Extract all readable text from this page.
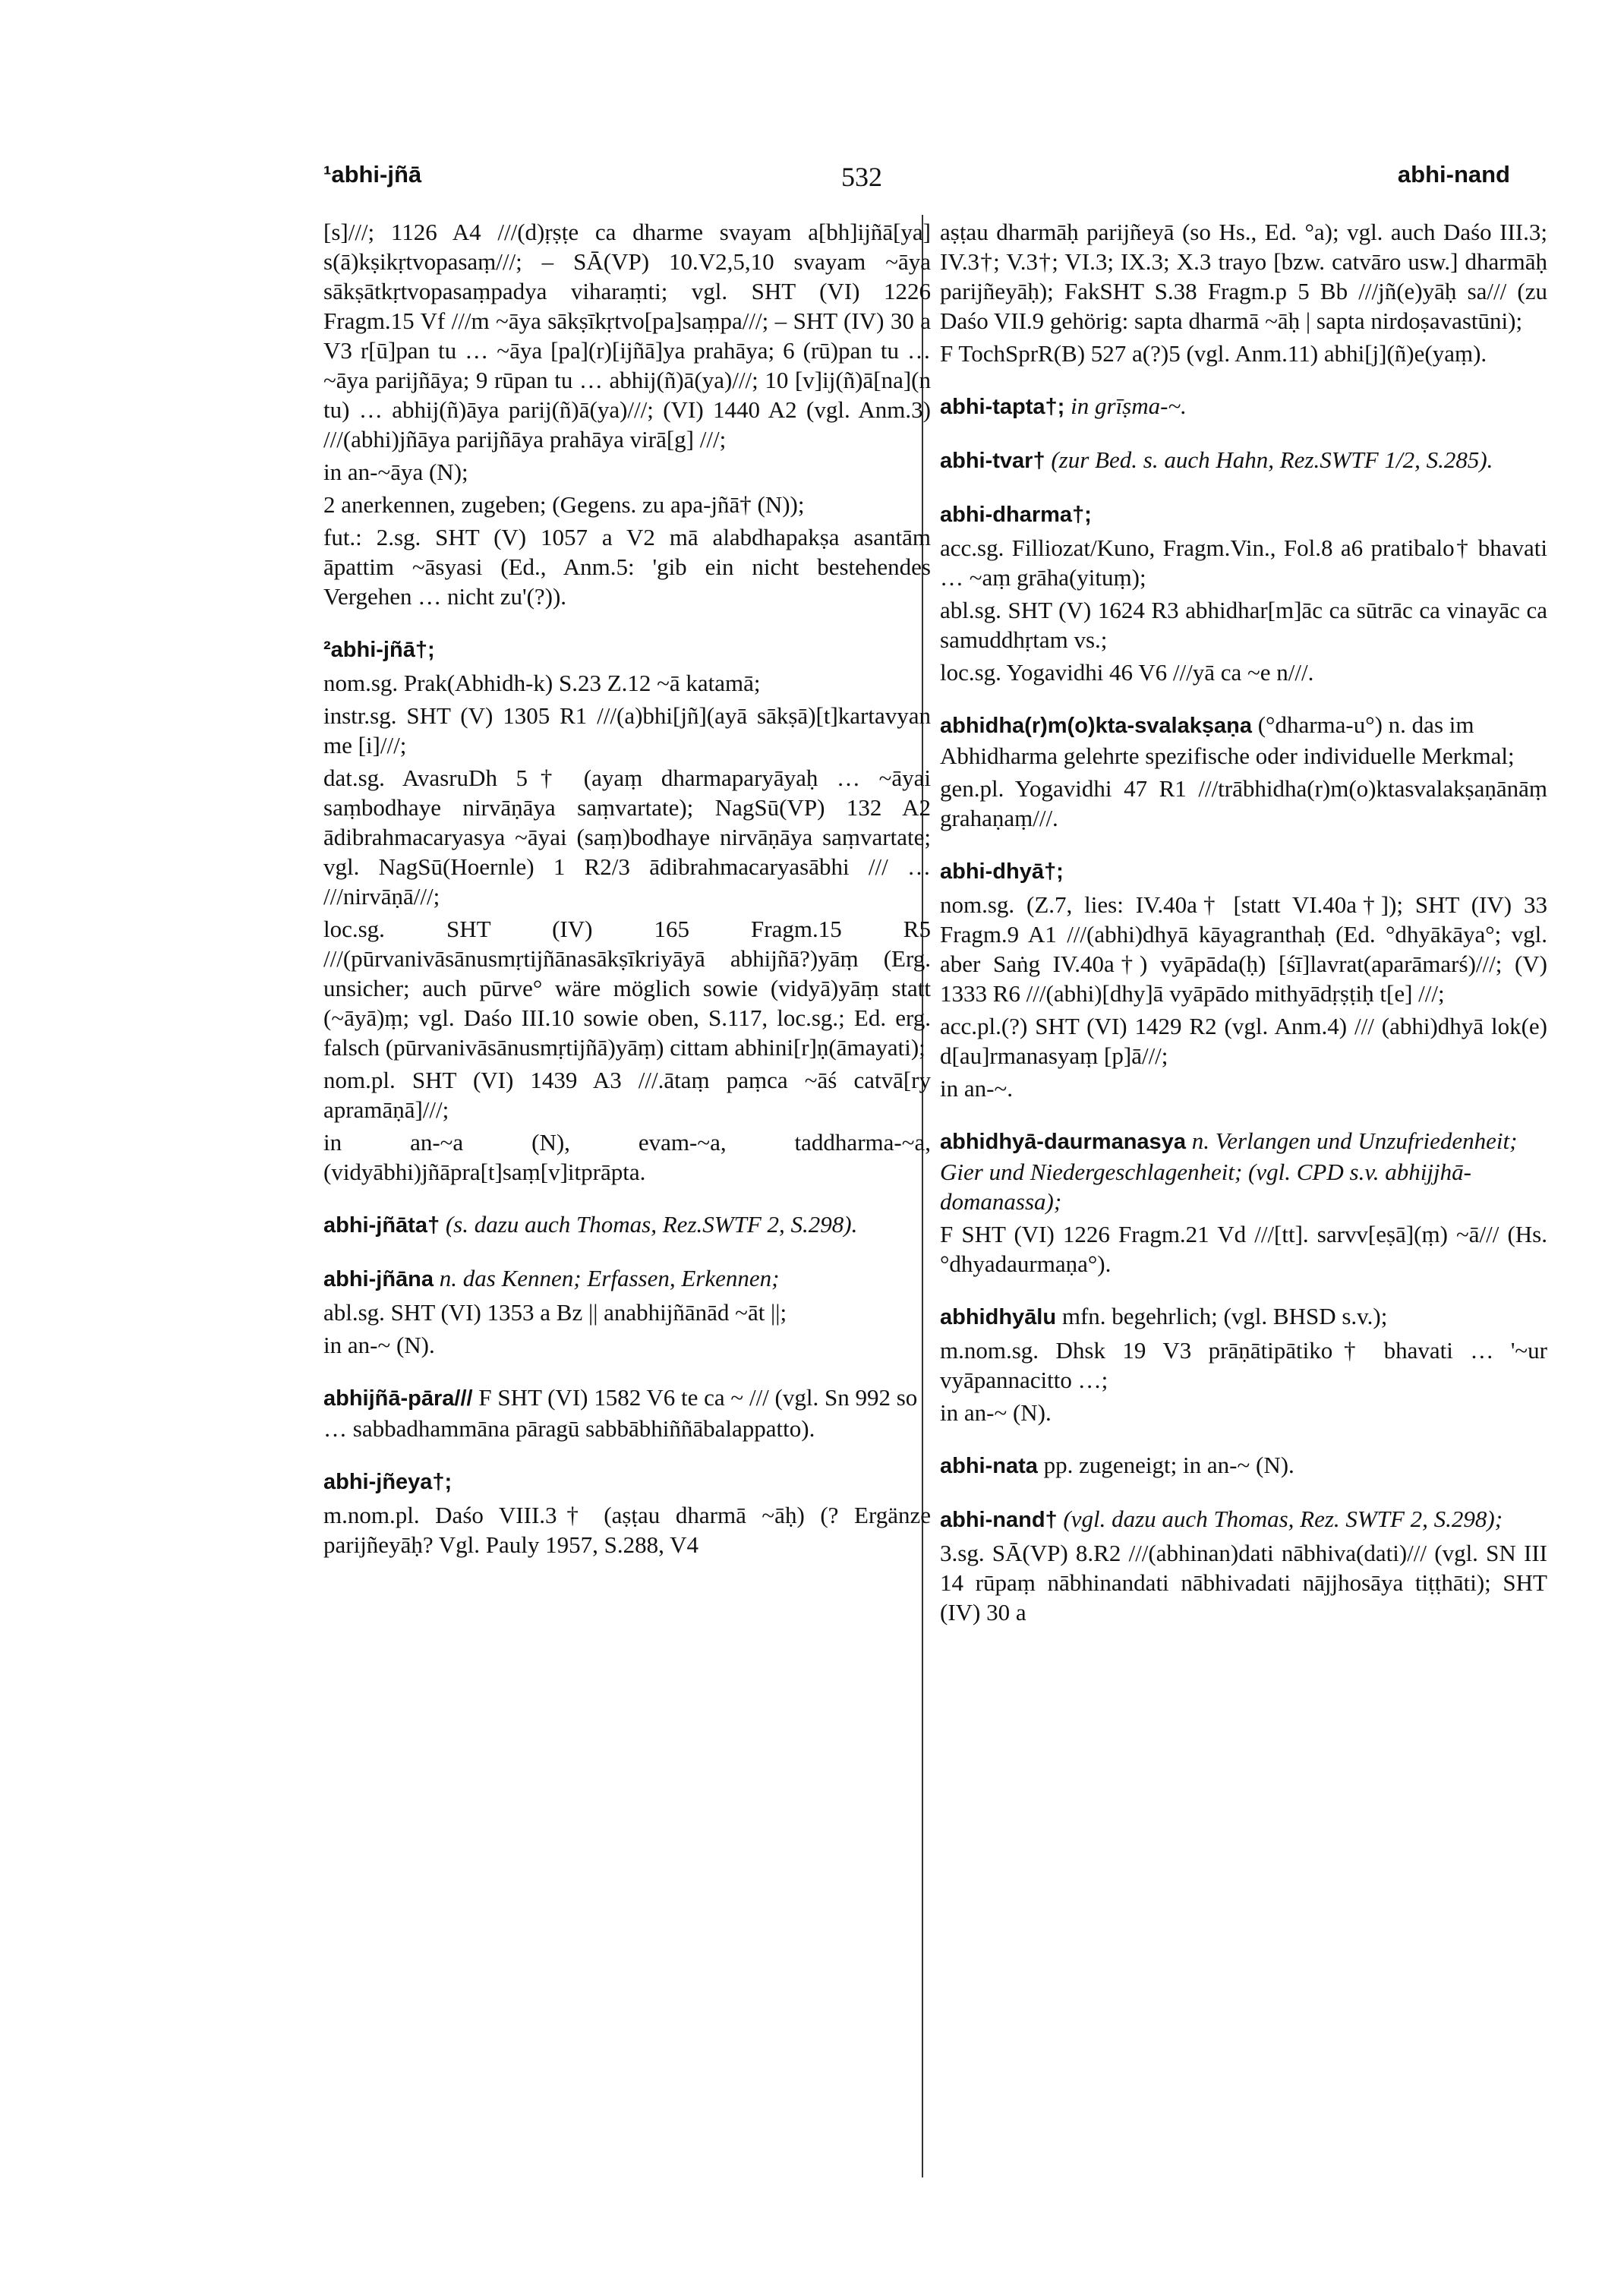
¹abhi-jñā	532	abhi-nand
[s]///; 1126 A4 ///(d)ṛṣṭe ca dharme svayam a[bh]ijñā[ya] s(ā)kṣikṛtvopasaṃ///; – SĀ(VP) 10.V2,5,10 svayam ~āya sākṣātkṛtvopasaṃpadya viharaṃti; vgl. SHT (VI) 1226 Fragm.15 Vf ///m ~āya sākṣīkṛtvo[pa]saṃpa///; – SHT (IV) 30 a V3 r[ū]pan tu … ~āya [pa](r)[ijñā]ya prahāya; 6 (rū)pan tu … ~āya parijñāya; 9 rūpan tu … abhij(ñ)ā(ya)///; 10 [v]ij(ñ)ā[na](n tu) … abhij(ñ)āya parij(ñ)ā(ya)///; (VI) 1440 A2 (vgl. Anm.3) ///(abhi)jñāya parijñāya prahāya virā[g] ///;
in an-~āya (N);
2 anerkennen, zugeben; (Gegens. zu apa-jñā† (N));
fut.: 2.sg. SHT (V) 1057 a V2 mā alabdhapakṣa asantām āpattim ~āsyasi (Ed., Anm.5: 'gib ein nicht bestehendes Vergehen … nicht zu'(?)).
²abhi-jñā†;
nom.sg. Prak(Abhidh-k) S.23 Z.12 ~ā katamā;
instr.sg. SHT (V) 1305 R1 ///(a)bhi[jñ](ayā sākṣā)[t]kartavyan me [i]///;
dat.sg. AvasruDh 5† (ayaṃ dharmaparyāyaḥ … ~āyai saṃbodhaye nirvāṇāya saṃvartate); NagSū(VP) 132 A2 ādibrahmacaryasya ~āyai (saṃ)bodhaye nirvāṇāya saṃvartate; vgl. NagSū(Hoernle) 1 R2/3 ādibrahmacaryasābhi /// … ///nirvāṇā///;
loc.sg. SHT (IV) 165 Fragm.15 R5 ///(pūrvanivāsānusmṛtijñānasākṣīkriyāyā abhijñā?)yāṃ (Erg. unsicher; auch pūrve° wäre möglich sowie (vidyā)yāṃ statt (~āyā)ṃ; vgl. Daśo III.10 sowie oben, S.117, loc.sg.; Ed. erg. falsch (pūrvanivāsānusmṛtijñā)yāṃ) cittam abhini[r]ṇ(āmayati);
nom.pl. SHT (VI) 1439 A3 ///.ātaṃ paṃca ~āś catvā[ry apramāṇā]///;
in an-~a (N), evam-~a, taddharma-~a, (vidyābhi)jñāpra[t]saṃ[v]itprāpta.
abhi-jñāta† (s. dazu auch Thomas, Rez.SWTF 2, S.298).
abhi-jñāna n. das Kennen; Erfassen, Erkennen;
abl.sg. SHT (VI) 1353 a Bz || anabhijñānād ~āt ||;
in an-~ (N).
abhijñā-pāra/// F SHT (VI) 1582 V6 te ca ~ /// (vgl. Sn 992 so … sabbadhammāna pāragū sabbābhiññābalappatto).
abhi-jñeya†;
m.nom.pl. Daśo VIII.3† (aṣṭau dharmā ~āḥ) (? Ergänze parijñeyāḥ? Vgl. Pauly 1957, S.288, V4
aṣṭau dharmāḥ parijñeyā (so Hs., Ed. °a); vgl. auch Daśo III.3; IV.3†; V.3†; VI.3; IX.3; X.3 trayo [bzw. catvāro usw.] dharmāḥ parijñeyāḥ); FakSHT S.38 Fragm.p 5 Bb ///jñ(e)yāḥ sa/// (zu Daśo VII.9 gehörig: sapta dharmā ~āḥ | sapta nirdoṣavastūni);
F TochSprR(B) 527 a(?)5 (vgl. Anm.11) abhi[j](ñ)e(yaṃ).
abhi-tapta†; in grīṣma-~.
abhi-tvar† (zur Bed. s. auch Hahn, Rez.SWTF 1/2, S.285).
abhi-dharma†;
acc.sg. Filliozat/Kuno, Fragm.Vin., Fol.8 a6 pratibalo† bhavati … ~aṃ grāha(yituṃ);
abl.sg. SHT (V) 1624 R3 abhidhar[m]āc ca sūtrāc ca vinayāc ca samuddhṛtam vs.;
loc.sg. Yogavidhi 46 V6 ///yā ca ~e n///.
abhidha(r)m(o)kta-svalakṣaṇa (°dharma-u°) n. das im Abhidharma gelehrte spezifische oder individuelle Merkmal;
gen.pl. Yogavidhi 47 R1 ///trābhidha(r)m(o)ktasvalakṣaṇānāṃ grahaṇaṃ///.
abhi-dhyā†;
nom.sg. (Z.7, lies: IV.40a† [statt VI.40a†]); SHT (IV) 33 Fragm.9 A1 ///(abhi)dhyā kāyagranthaḥ (Ed. °dhyākāya°; vgl. aber Saṅg IV.40a†) vyāpāda(ḥ) [śī]lavrat(aparāmarś)///; (V) 1333 R6 ///(abhi)[dhy]ā vyāpādo mithyādṛṣṭiḥ t[e] ///;
acc.pl.(?) SHT (VI) 1429 R2 (vgl. Anm.4) /// (abhi)dhyā lok(e) d[au]rmanasyaṃ [p]ā///;
in an-~.
abhidhyā-daurmanasya n. Verlangen und Unzufriedenheit; Gier und Niedergeschlagenheit; (vgl. CPD s.v. abhijjhā-domanassa);
F SHT (VI) 1226 Fragm.21 Vd ///[tt]. sarvv[eṣā](ṃ) ~ā/// (Hs. °dhyadaurmaṇa°).
abhidhyālu mfn. begehrlich; (vgl. BHSD s.v.);
m.nom.sg. Dhsk 19 V3 prāṇātipātiko† bhavati … '~ur vyāpannacitto …;
in an-~ (N).
abhi-nata pp. zugeneigt; in an-~ (N).
abhi-nand† (vgl. dazu auch Thomas, Rez. SWTF 2, S.298);
3.sg. SĀ(VP) 8.R2 ///(abhinan)dati nābhiva(dati)/// (vgl. SN III 14 rūpaṃ nābhinandati nābhivadati nājjhosāya tiṭṭhāti); SHT (IV) 30 a
